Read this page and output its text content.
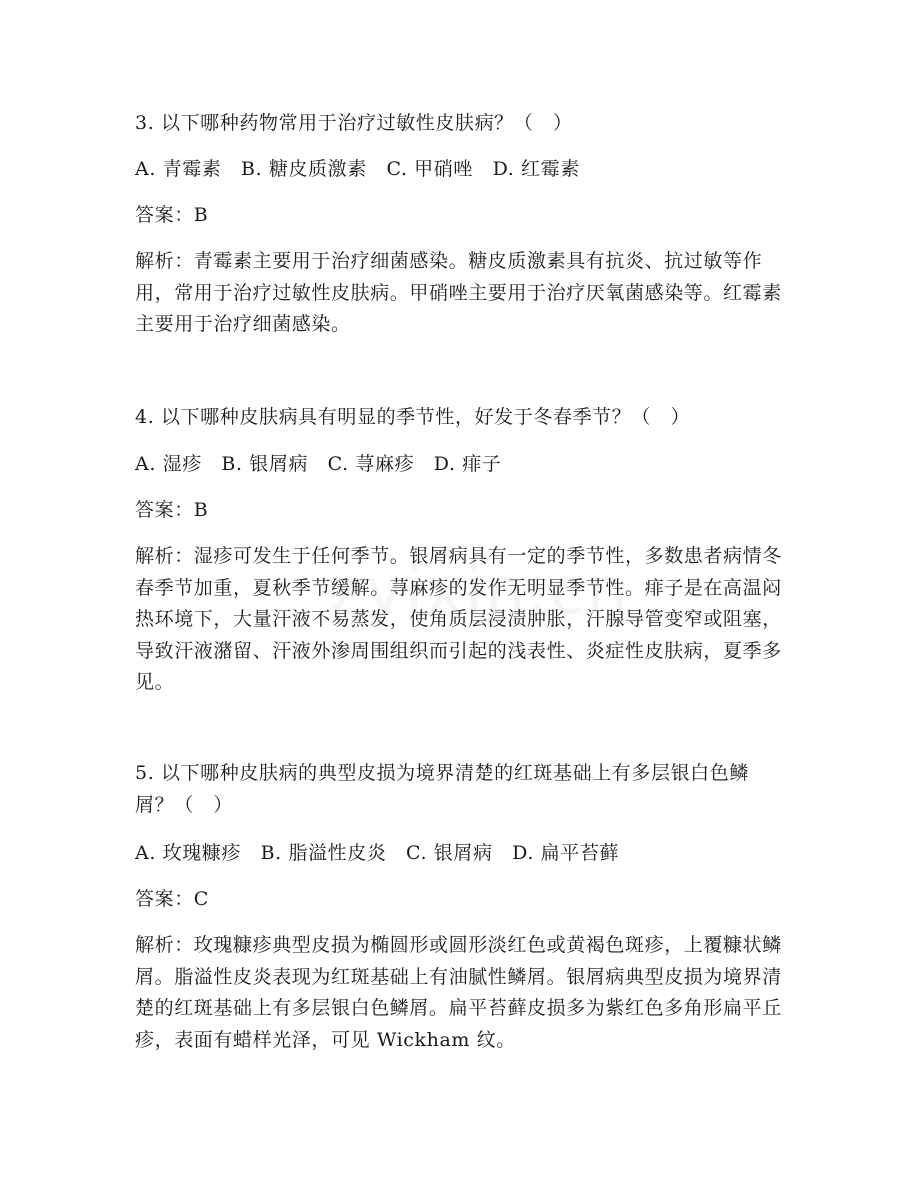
3. 以下哪种药物常用于治疗过敏性皮肤病？（　）
A. 青霉素　B. 糖皮质激素　C. 甲硝唑　D. 红霉素
答案：B
解析：青霉素主要用于治疗细菌感染。糖皮质激素具有抗炎、抗过敏等作用，常用于治疗过敏性皮肤病。甲硝唑主要用于治疗厌氧菌感染等。红霉素主要用于治疗细菌感染。
4. 以下哪种皮肤病具有明显的季节性，好发于冬春季节？（　）
A. 湿疹　B. 银屑病　C. 荨麻疹　D. 痱子
答案：B
解析：湿疹可发生于任何季节。银屑病具有一定的季节性，多数患者病情冬春季节加重，夏秋季节缓解。荨麻疹的发作无明显季节性。痱子是在高温闷热环境下，大量汗液不易蒸发，使角质层浸渍肿胀，汗腺导管变窄或阻塞，导致汗液潴留、汗液外渗周围组织而引起的浅表性、炎症性皮肤病，夏季多见。
5. 以下哪种皮肤病的典型皮损为境界清楚的红斑基础上有多层银白色鳞屑？（　）
A. 玫瑰糠疹　B. 脂溢性皮炎　C. 银屑病　D. 扁平苔藓
答案：C
解析：玫瑰糠疹典型皮损为椭圆形或圆形淡红色或黄褐色斑疹，上覆糠状鳞屑。脂溢性皮炎表现为红斑基础上有油腻性鳞屑。银屑病典型皮损为境界清楚的红斑基础上有多层银白色鳞屑。扁平苔藓皮损多为紫红色多角形扁平丘疹，表面有蜡样光泽，可见 Wickham 纹。
